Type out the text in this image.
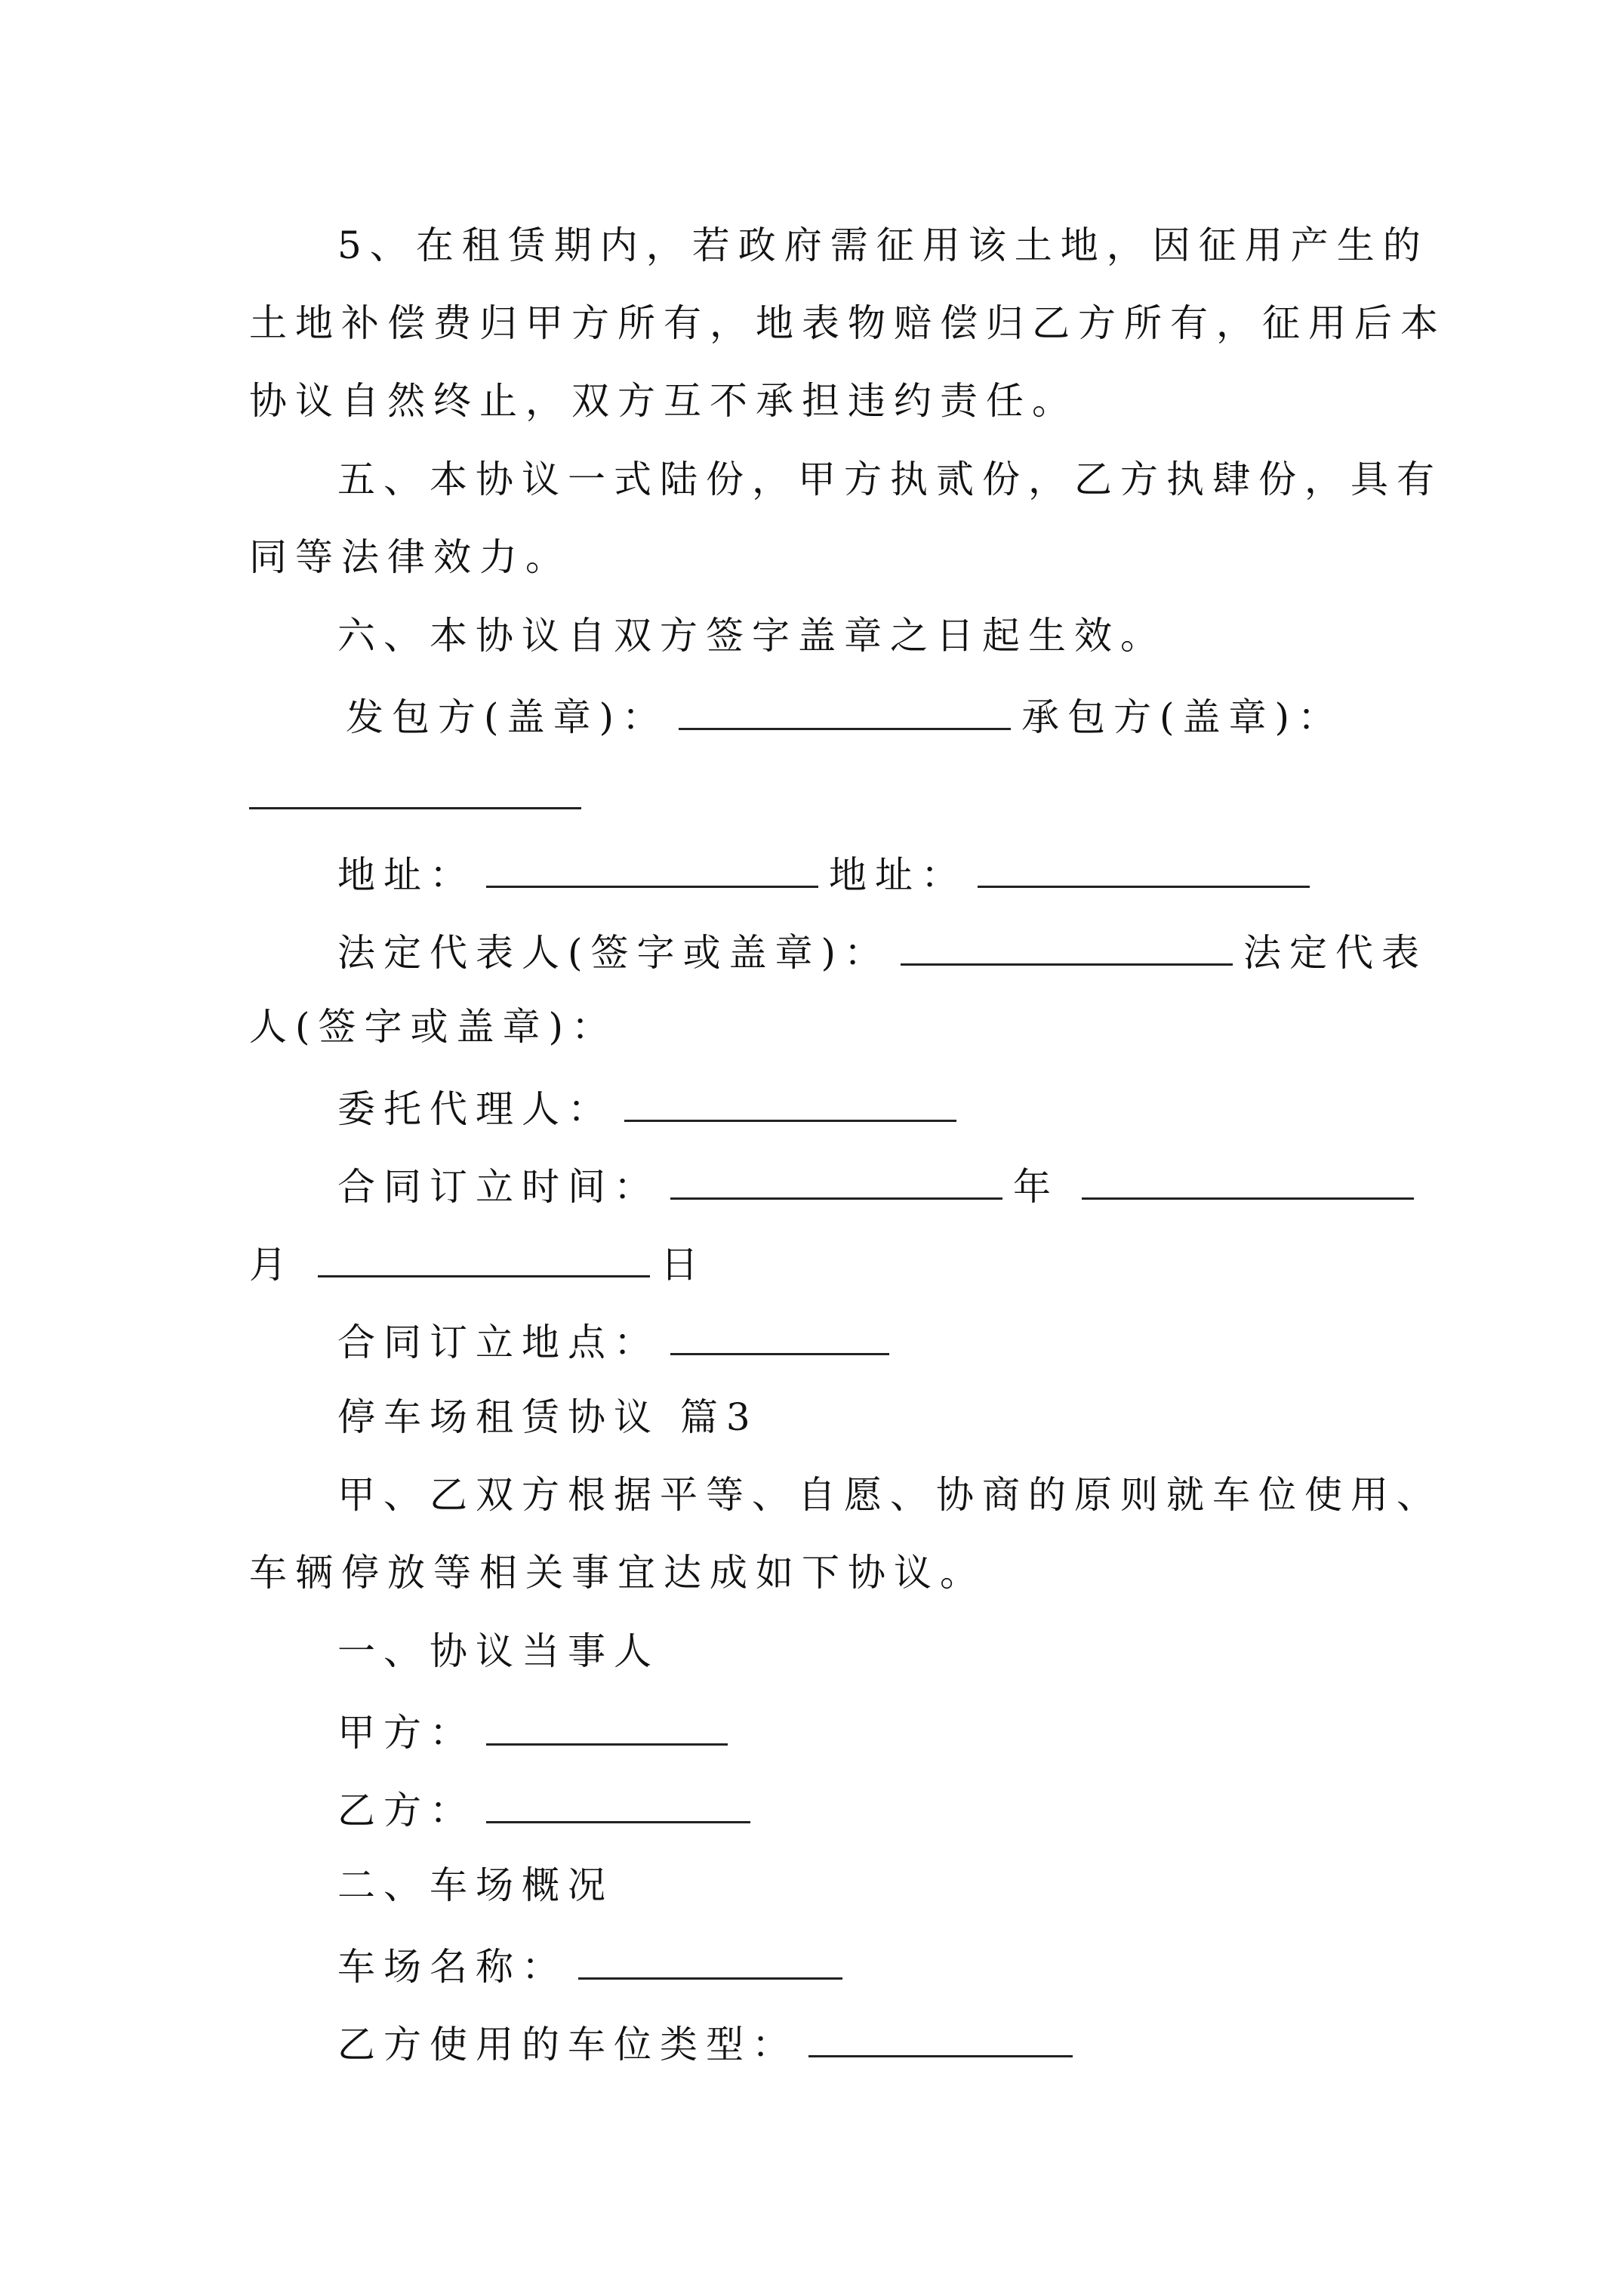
5、在租赁期内，若政府需征用该土地，因征用产生的
土地补偿费归甲方所有，地表物赔偿归乙方所有，征用后本
协议自然终止，双方互不承担违约责任。
五、本协议一式陆份，甲方执贰份，乙方执肆份，具有
同等法律效力。
六、本协议自双方签字盖章之日起生效。
发包方(盖章)：	承包方(盖章)：
地址：	地址：
法定代表人(签字或盖章)：	法定代表
人(签字或盖章)：
委托代理人：
合同订立时间：	年
月	日
合同订立地点：
停车场租赁协议 篇3
甲、乙双方根据平等、自愿、协商的原则就车位使用、
车辆停放等相关事宜达成如下协议。
一、协议当事人
甲方：
乙方：
二、车场概况
车场名称：
乙方使用的车位类型：
